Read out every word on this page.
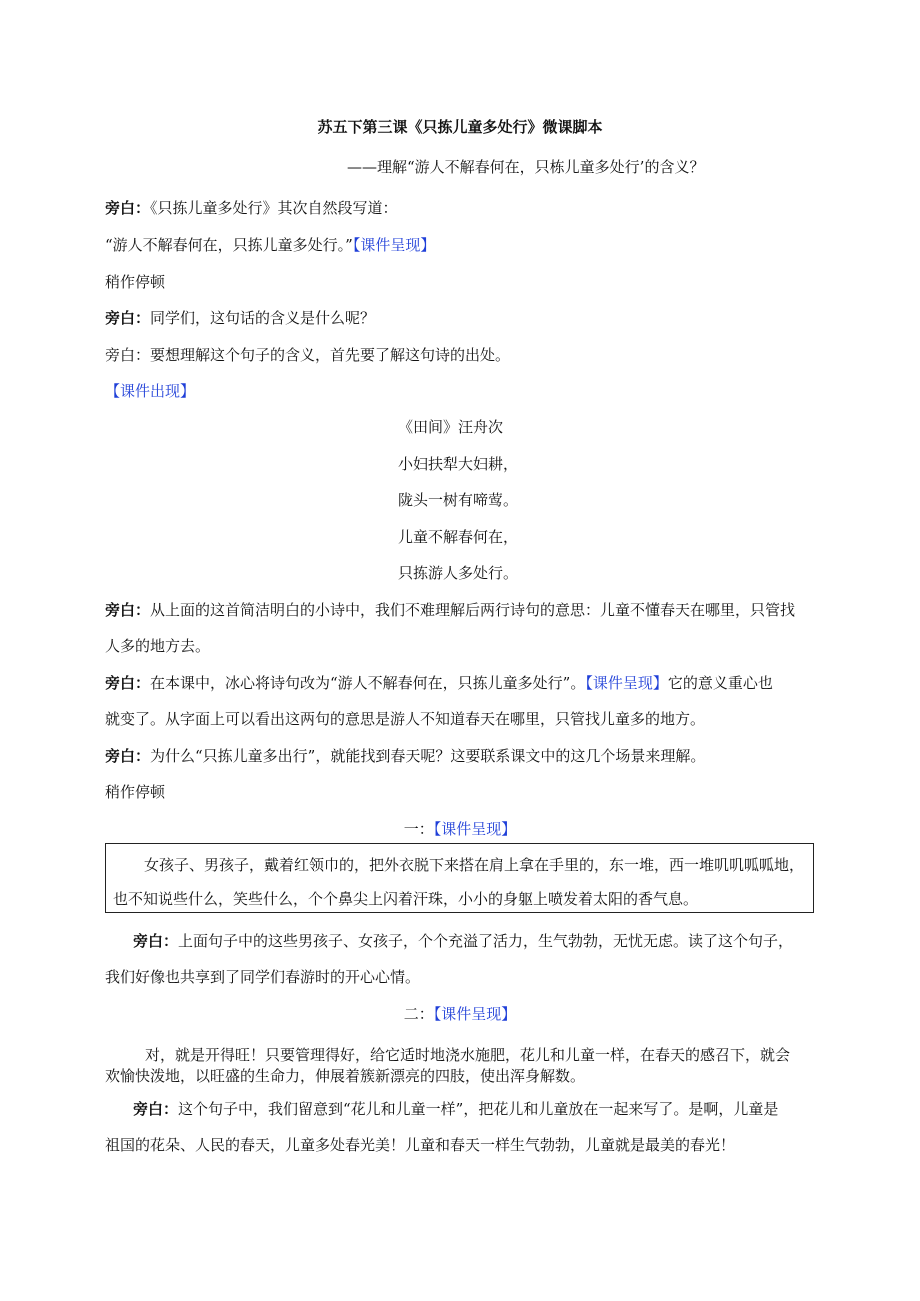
苏五下第三课《只拣儿童多处行》微课脚本
——理解“游人不解春何在，只栋儿童多处行’的含义？
旁白：《只拣儿童多处行》其次自然段写道：
“游人不解春何在，只拣儿童多处行。”【课件呈现】
稍作停顿
旁白：同学们，这句话的含义是什么呢？
旁白：要想理解这个句子的含义，首先要了解这句诗的出处。
【课件出现】
《田间》汪舟次
小妇扶犁大妇耕，
陇头一树有啼莺。
儿童不解春何在，
只拣游人多处行。
旁白：从上面的这首简洁明白的小诗中，我们不难理解后两行诗句的意思：儿童不懂春天在哪里，只管找
人多的地方去。
旁白：在本课中，冰心将诗句改为“游人不解春何在，只拣儿童多处行”。【课件呈现】它的意义重心也
就变了。从字面上可以看出这两句的意思是游人不知道春天在哪里，只管找儿童多的地方。
旁白：为什么“只拣儿童多出行”，就能找到春天呢？这要联系课文中的这几个场景来理解。
稍作停顿
一：【课件呈现】
女孩子、男孩子，戴着红领巾的，把外衣脱下来搭在肩上拿在手里的，东一堆，西一堆叽叽呱呱地，
也不知说些什么，笑些什么，个个鼻尖上闪着汗珠，小小的身躯上喷发着太阳的香气息。
旁白：上面句子中的这些男孩子、女孩子，个个充溢了活力，生气勃勃，无忧无虑。读了这个句子，
我们好像也共享到了同学们春游时的开心心情。
二：【课件呈现】
对，就是开得旺！只要管理得好，给它适时地浇水施肥，花儿和儿童一样，在春天的感召下，就会
欢愉快泼地，以旺盛的生命力，伸展着簇新漂亮的四肢，使出浑身解数。
旁白：这个句子中，我们留意到“花儿和儿童一样”，把花儿和儿童放在一起来写了。是啊，儿童是
祖国的花朵、人民的春天，儿童多处春光美！儿童和春天一样生气勃勃，儿童就是最美的春光！
